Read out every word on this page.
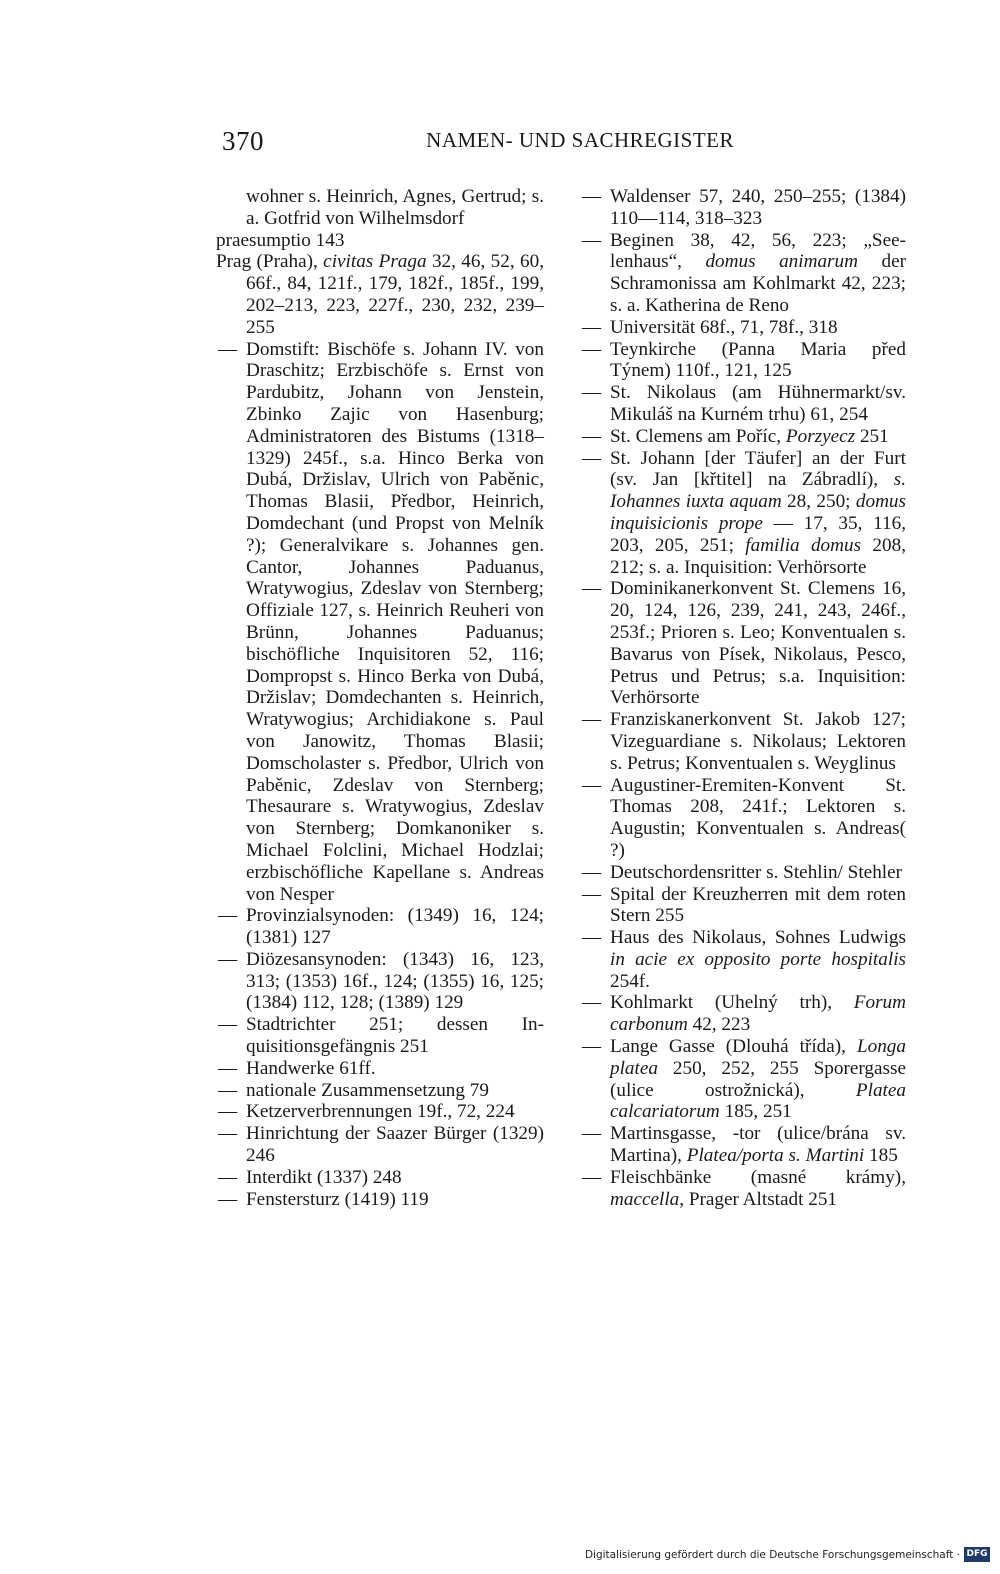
370	NAMEN- UND SACHREGISTER
wohner s. Heinrich, Agnes, Gertrud; s. a. Gotfrid von Wilhelmsdorf
praesumptio 143
Prag (Praha), civitas Praga 32, 46, 52, 60, 66f., 84, 121f., 179, 182f., 185f., 199, 202–213, 223, 227f., 230, 232, 239–255
— Domstift: Bischöfe s. Johann IV. von Draschitz; Erzbischöfe s. Ernst von Pardubitz, Johann von Jenstein, Zbinko Zajic von Hasenburg; Administratoren des Bistums (1318–1329) 245f., s.a. Hinco Berka von Dubá, Držislav, Ulrich von Paběnic, Thomas Blasii, Předbor, Heinrich, Domdechant (und Propst von Melník ?); Generalvikare s. Johannes gen. Cantor, Johannes Paduanus, Wratywogius, Zdeslav von Sternberg; Offiziale 127, s. Heinrich Reuheri von Brünn, Johannes Paduanus; bischöfliche Inquisitoren 52, 116; Dompropst s. Hinco Berka von Dubá, Držislav; Domdechanten s. Heinrich, Wratywogius; Archidiakone s. Paul von Janowitz, Thomas Blasii; Domscholaster s. Předbor, Ulrich von Paběnic, Zdeslav von Sternberg; Thesaurare s. Wratywogius, Zdeslav von Sternberg; Domkanoniker s. Michael Folclini, Michael Hodzlai; erzbischöfliche Kapellane s. Andreas von Nesper
— Provinzialsynoden: (1349) 16, 124; (1381) 127
— Diözesansynoden: (1343) 16, 123, 313; (1353) 16f., 124; (1355) 16, 125; (1384) 112, 128; (1389) 129
— Stadtrichter 251; dessen Inquisitionsgefängnis 251
— Handwerke 61ff.
— nationale Zusammensetzung 79
— Ketzerverbrennungen 19f., 72, 224
— Hinrichtung der Saazer Bürger (1329) 246
— Interdikt (1337) 248
— Fenstersturz (1419) 119
— Waldenser 57, 240, 250–255; (1384) 110—114, 318–323
— Beginen 38, 42, 56, 223; „Seelenhaus“, domus animarum der Schramonissa am Kohlmarkt 42, 223; s. a. Katherina de Reno
— Universität 68f., 71, 78f., 318
— Teynkirche (Panna Maria před Týnem) 110f., 121, 125
— St. Nikolaus (am Hühnermarkt/sv. Mikuláš na Kurném trhu) 61, 254
— St. Clemens am Poříc, Porzyecz 251
— St. Johann [der Täufer] an der Furt (sv. Jan [křtitel] na Zábradlí), s. Iohannes iuxta aquam 28, 250; domus inquisicionis prope — 17, 35, 116, 203, 205, 251; familia domus 208, 212; s. a. Inquisition: Verhörsorte
— Dominikanerkonvent St. Clemens 16, 20, 124, 126, 239, 241, 243, 246f., 253f.; Prioren s. Leo; Konventualen s. Bavarus von Písek, Nikolaus, Pesco, Petrus und Petrus; s.a. Inquisition: Verhörsorte
— Franziskanerkonvent St. Jakob 127; Vizeguardiane s. Nikolaus; Lektoren s. Petrus; Konventualen s. Weyglinus
— Augustiner-Eremiten-Konvent St. Thomas 208, 241f.; Lektoren s. Augustin; Konventualen s. Andreas( ?)
— Deutschordensritter s. Stehlin/ Stehler
— Spital der Kreuzherren mit dem roten Stern 255
— Haus des Nikolaus, Sohnes Ludwigs in acie ex opposito porte hospitalis 254f.
— Kohlmarkt (Uhelný trh), Forum carbonum 42, 223
— Lange Gasse (Dlouhá třída), Longa platea 250, 252, 255 Sporergasse (ulice ostrožnická), Platea calcariatorum 185, 251
— Martinsgasse, -tor (ulice/brána sv. Martina), Platea/porta s. Martini 185
— Fleischbänke (masné krámy), maccella, Prager Altstadt 251
Digitalisierung gefördert durch die Deutsche Forschungsgemeinschaft · DFG
